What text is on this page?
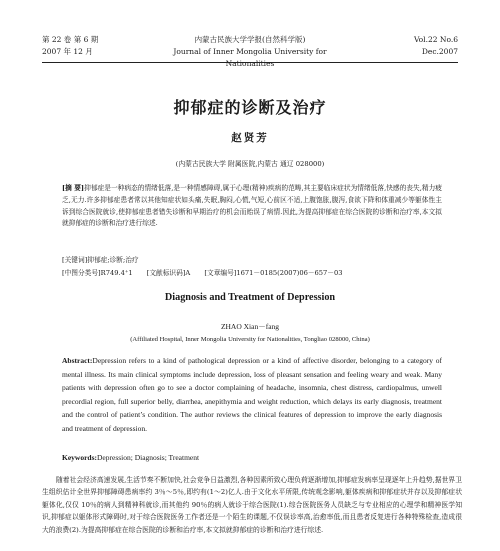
第 22 卷 第 6 期
2007 年 12 月
内蒙古民族大学学报(自然科学版)
Journal of Inner Mongolia University for Nationalities
Vol.22 No.6
Dec.2007
抑郁症的诊断及治疗
赵贤芳
(内蒙古民族大学 附属医院,内蒙古 通辽 028000)
[摘 要]抑郁症是一种病态的情绪低落,是一种情感障碍,属于心理(精神)疾病的范畴,其主要临床症状为情绪低落,快感的丧失,精力疲乏,无力.许多抑郁症患者常以其他知症状如头痛,失眠,胸闷,心慌,气短,心前区不适,上腹饱胀,腹泻,食欲下降和体重减少等躯体性主诉到综合医院就诊,使抑郁症患者错失诊断和早期治疗的机会而贻误了病情.因此,为提高抑郁症在综合医院的诊断和治疗率,本文拟就抑郁症的诊断和治疗进行综述.
[关键词]抑郁症;诊断;治疗
[中图分类号]R749.4⁺1 [文献标识码]A [文章编号]1671－0185(2007)06－657－03
Diagnosis and Treatment of Depression
ZHAO Xian－fang
(Affiliated Hospital, Inner Mongolia University for Nationalities, Tongliao 028000, China)
Abstract:Depression refers to a kind of pathological depression or a kind of affective disorder, belonging to a category of mental illness. Its main clinical symptoms include depression, loss of pleasant sensation and feeling weary and weak. Many patients with depression often go to see a doctor complaining of headache, insomnia, chest distress, cardiopalmus, unwell precordial region, full superior belly, diarrhea, anepithymia and weight reduction, which delays its early diagnosis, treatment and the control of patient’s condition. The author reviews the clinical features of depression to improve the early diagnosis and treatment of depression.
Keywords:Depression; Diagnosis; Treatment
随着社会经济高速发展,生活节奏不断加快,社会竞争日益激烈,各种因素所致心理负荷逐渐增加,抑郁症发病率呈现逐年上升趋势,据世界卫生组织估计全世界抑郁障碍患病率约 3％～5％,即约有(1～2)亿人.由于文化水平所限,传统观念影响,躯体疾病和抑郁症状并存以及抑郁症状躯体化,仅仅 10％的病人到精神科就诊,而其他约 90％的病人就诊于综合医院(1).综合医院医务人员缺乏与专业相应的心理学和精神医学知识,抑郁症以躯体形式障碍时,对于综合医院医务工作者还是一个陌生的课题,不仅误诊率高,治愈率低,而且患者反复进行各种特殊检查,造成很大的浪费(2).为提高抑郁症在综合医院的诊断和治疗率,本文拟就抑郁症的诊断和治疗进行综述.
